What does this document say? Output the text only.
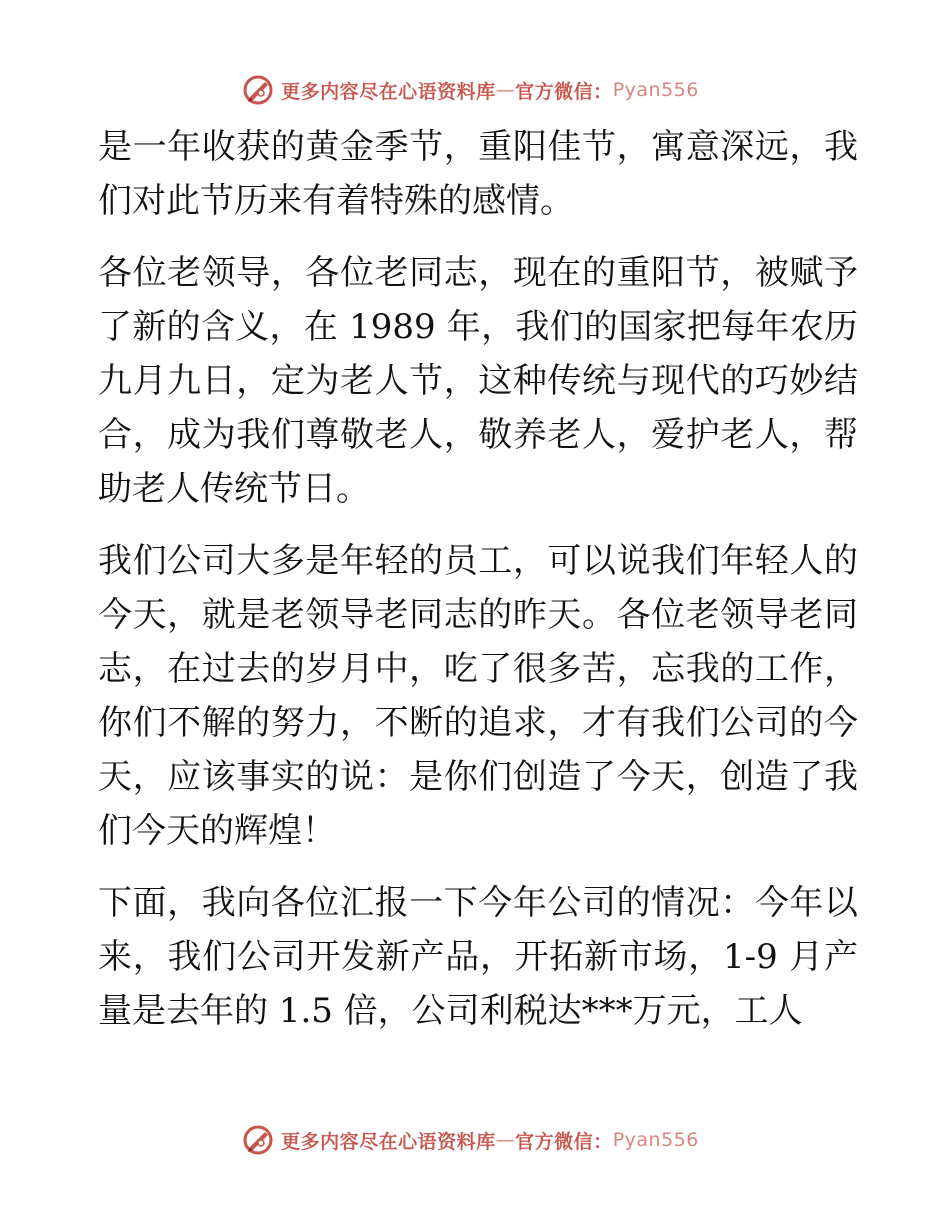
更多内容尽在心语资料库 — 官方微信： Pyan556

是一年收获的黄金季节，重阳佳节，寓意深远，我们对此节历来有着特殊的感情。

各位老领导，各位老同志，现在的重阳节，被赋予了新的含义，在 1989 年，我们的国家把每年农历九月九日，定为老人节，这种传统与现代的巧妙结合，成为我们尊敬老人，敬养老人，爱护老人，帮助老人传统节日。

我们公司大多是年轻的员工，可以说我们年轻人的今天，就是老领导老同志的昨天。各位老领导老同志，在过去的岁月中，吃了很多苦，忘我的工作，你们不解的努力，不断的追求，才有我们公司的今天，应该事实的说：是你们创造了今天，创造了我们今天的辉煌！

下面，我向各位汇报一下今年公司的情况：今年以来，我们公司开发新产品，开拓新市场，1-9 月产量是去年的 1.5 倍，公司利税达***万元，工人

更多内容尽在心语资料库 — 官方微信： Pyan556
